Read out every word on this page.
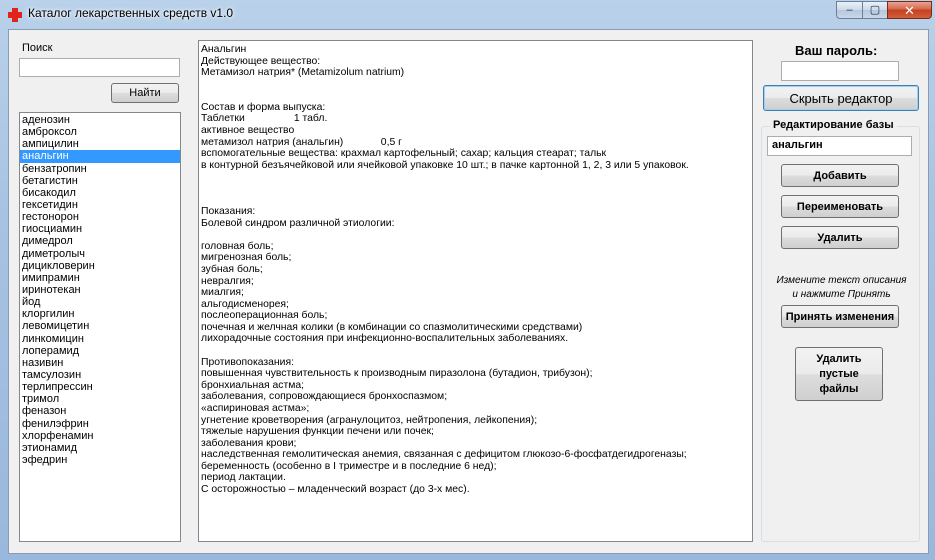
Каталог лекарственных средств v1.0	‒	▢	✕
Поиск
Найти
аденозин
амброксол
ампицилин
анальгин
бензатропин
бетагистин
бисакодил
гексетидин
гестонорон
гиосциамин
димедрол
диметролыч
дицикловерин
имипрамин
иринотекан
йод
клоргилин
левомицетин
линкомицин
лоперамид
називин
тамсулозин
терлипрессин
тримол
феназон
фенилэфрин
хлорфенамин
этионамид
эфедрин
Анальгин
Действующее вещество:
Метамизол натрия* (Metamizolum natrium)
Состав и форма выпуска:
Таблетки                 1 табл.
активное вещество
метамизол натрия (анальгин)             0,5 г
вспомогательные вещества: крахмал картофельный; сахар; кальция стеарат; тальк
в контурной безъячейковой или ячейковой упаковке 10 шт.; в пачке картонной 1, 2, 3 или 5 упаковок.
Показания:
Болевой синдром различной этиологии:
головная боль;
мигренозная боль;
зубная боль;
невралгия;
миалгия;
альгодисменорея;
послеоперационная боль;
почечная и желчная колики (в комбинации со спазмолитическими средствами)
лихорадочные состояния при инфекционно-воспалительных заболеваниях.
Противопоказания:
повышенная чувствительность к производным пиразолона (бутадион, трибузон);
бронхиальная астма;
заболевания, сопровождающиеся бронхоспазмом;
«аспириновая астма»;
угнетение кроветворения (агранулоцитоз, нейтропения, лейкопения);
тяжелые нарушения функции печени или почек;
заболевания крови;
наследственная гемолитическая анемия, связанная с дефицитом глюкозо-6-фосфатдегидрогеназы;
беременность (особенно в I триместре и в последние 6 нед);
период лактации.
С осторожностью – младенческий возраст (до 3-х мес).
Ваш пароль:
Скрыть редактор
Редактирование базы
анальгин
Добавить
Переименовать
Удалить
Измените текст описания
и нажмите Принять
Принять изменения
Удалить
пустые
файлы
